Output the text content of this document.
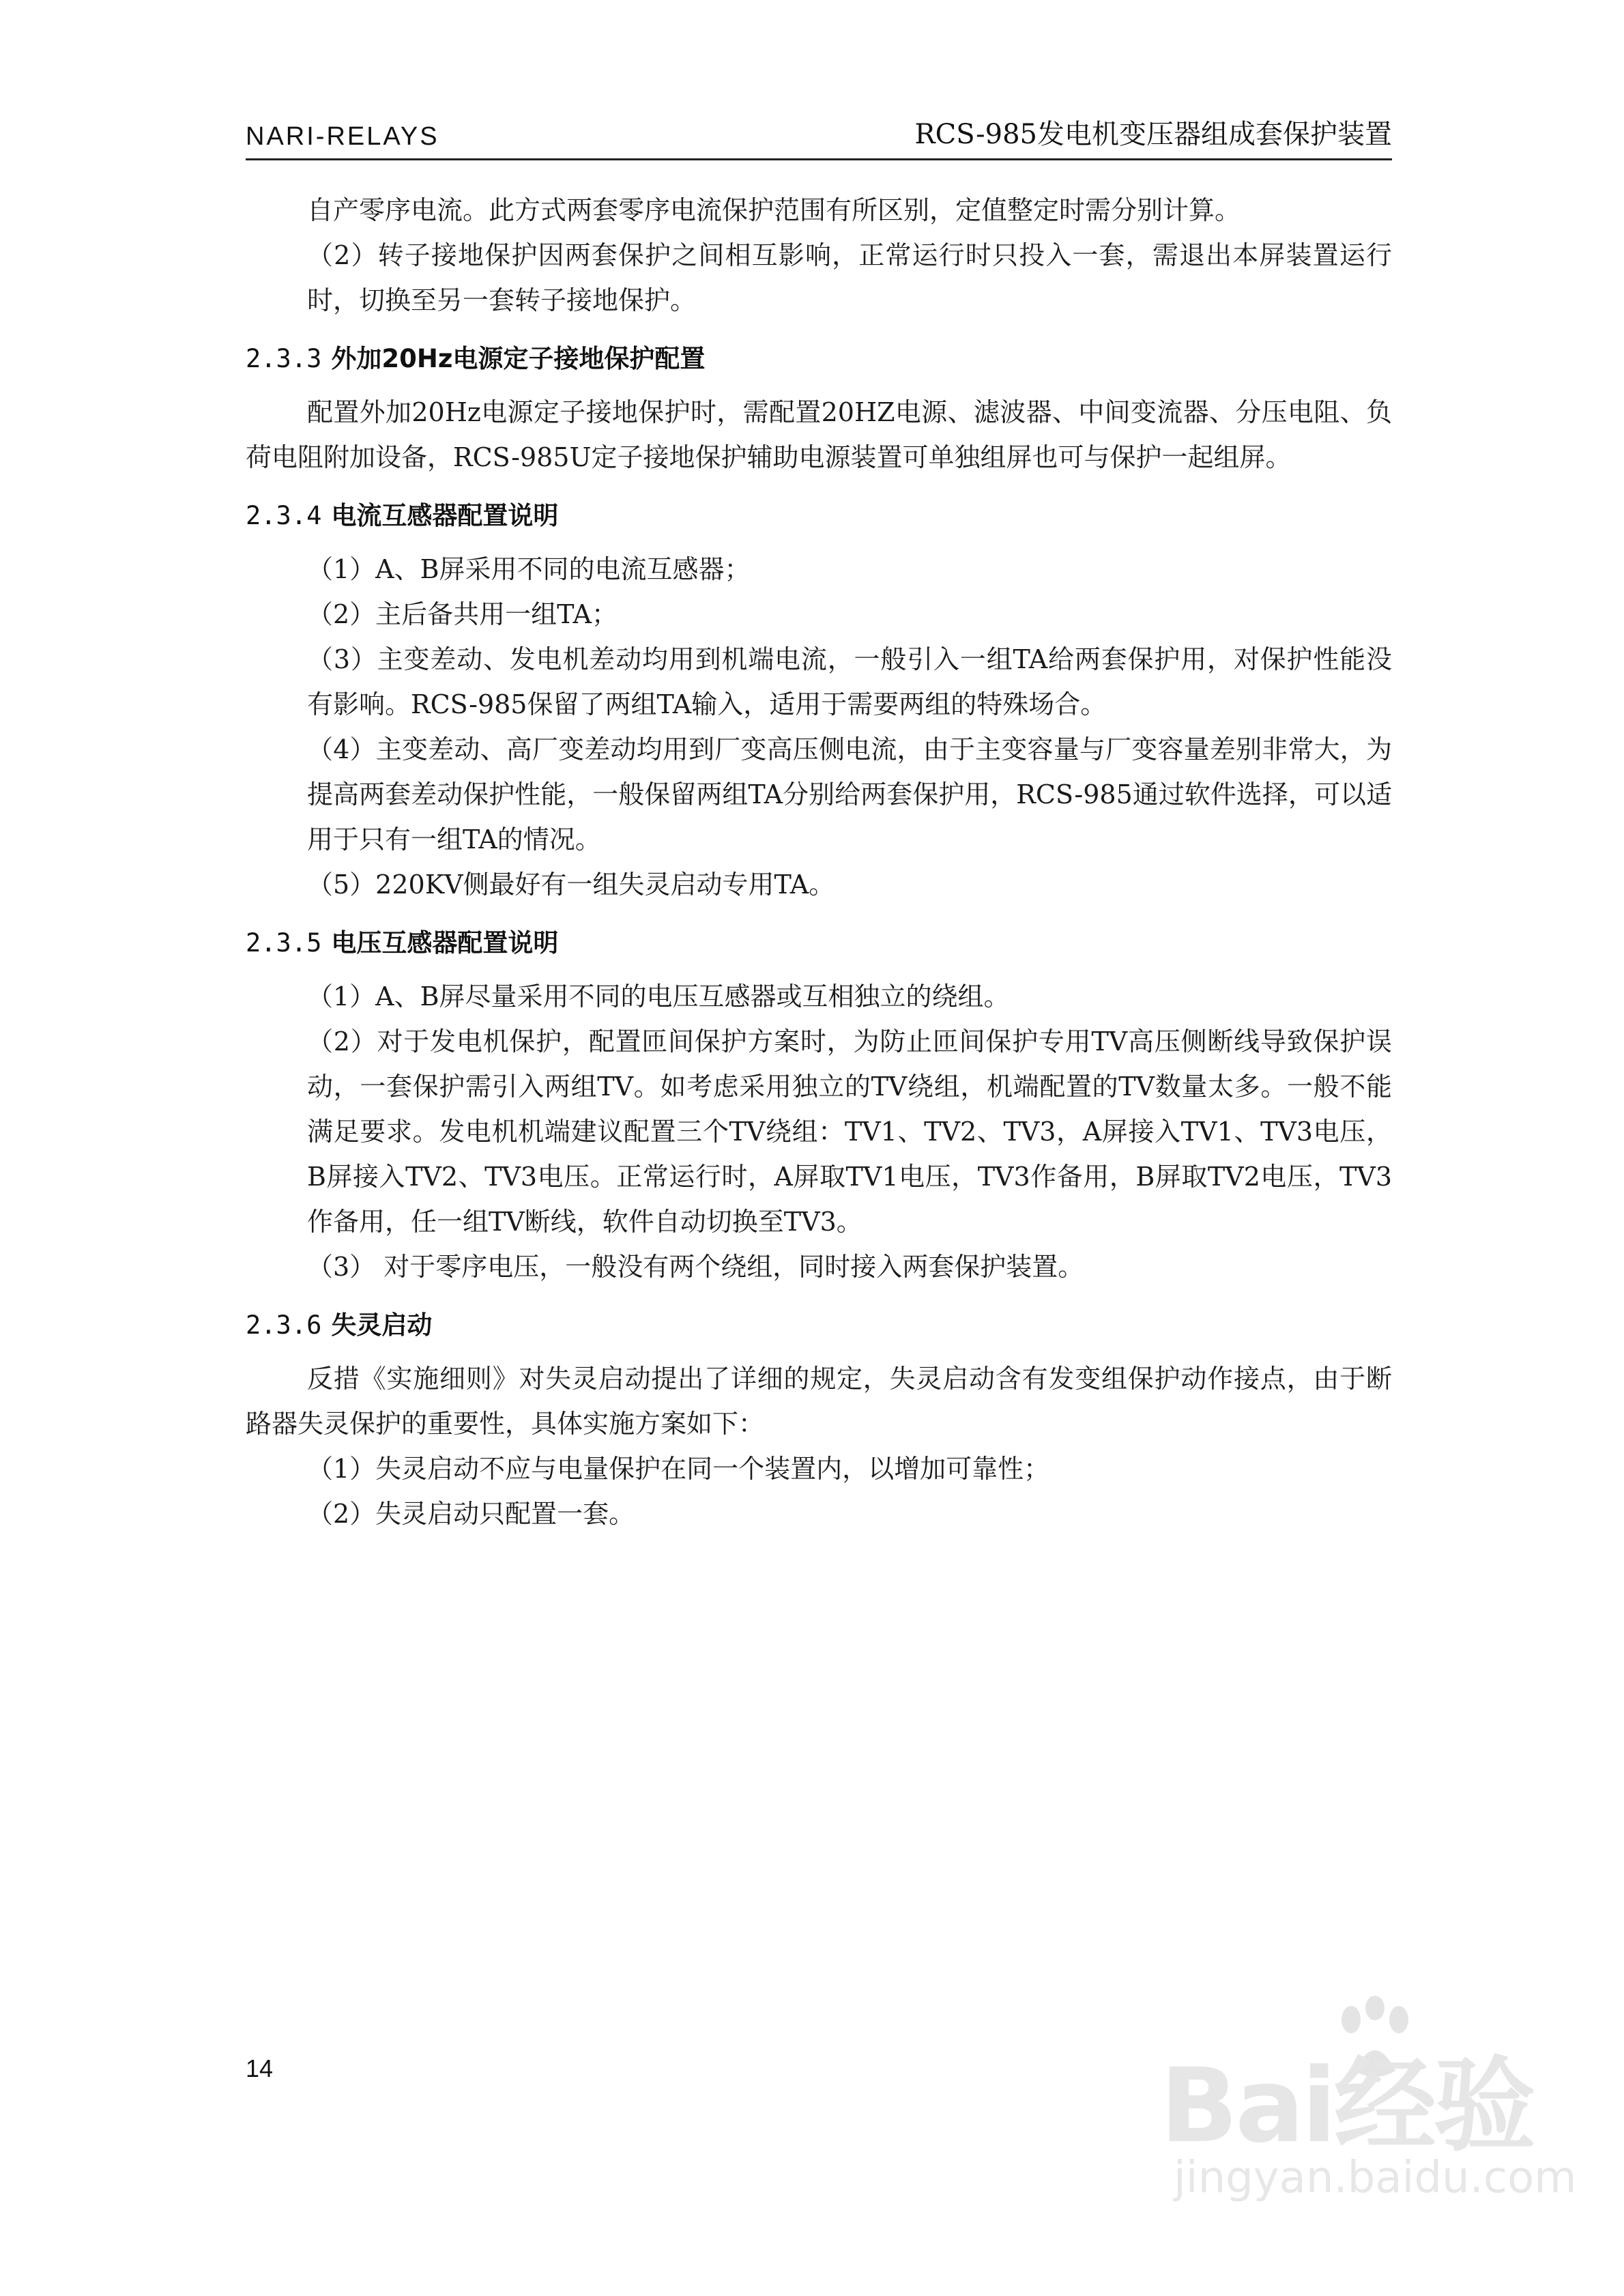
NARI-RELAYS	RCS-985发电机变压器组成套保护装置

自产零序电流。此方式两套零序电流保护范围有所区别，定值整定时需分别计算。

（2）转子接地保护因两套保护之间相互影响，正常运行时只投入一套，需退出本屏装置运行时，切换至另一套转子接地保护。

2.3.3 外加20Hz电源定子接地保护配置

配置外加20Hz电源定子接地保护时，需配置20HZ电源、滤波器、中间变流器、分压电阻、负荷电阻附加设备，RCS-985U定子接地保护辅助电源装置可单独组屏也可与保护一起组屏。

2.3.4 电流互感器配置说明

（1）A、B屏采用不同的电流互感器；

（2）主后备共用一组TA；

（3）主变差动、发电机差动均用到机端电流，一般引入一组TA给两套保护用，对保护性能没有影响。RCS-985保留了两组TA输入，适用于需要两组的特殊场合。

（4）主变差动、高厂变差动均用到厂变高压侧电流，由于主变容量与厂变容量差别非常大，为提高两套差动保护性能，一般保留两组TA分别给两套保护用，RCS-985通过软件选择，可以适用于只有一组TA的情况。

（5）220KV侧最好有一组失灵启动专用TA。

2.3.5 电压互感器配置说明

（1）A、B屏尽量采用不同的电压互感器或互相独立的绕组。

（2）对于发电机保护，配置匝间保护方案时，为防止匝间保护专用TV高压侧断线导致保护误动，一套保护需引入两组TV。如考虑采用独立的TV绕组，机端配置的TV数量太多。一般不能满足要求。发电机机端建议配置三个TV绕组：TV1、TV2、TV3，A屏接入TV1、TV3电压，B屏接入TV2、TV3电压。正常运行时，A屏取TV1电压，TV3作备用，B屏取TV2电压，TV3作备用，任一组TV断线，软件自动切换至TV3。

（3） 对于零序电压，一般没有两个绕组，同时接入两套保护装置。

2.3.6 失灵启动

反措《实施细则》对失灵启动提出了详细的规定，失灵启动含有发变组保护动作接点，由于断路器失灵保护的重要性，具体实施方案如下：

（1）失灵启动不应与电量保护在同一个装置内，以增加可靠性；

（2）失灵启动只配置一套。

14	Bai经验
jingyan.baidu.com
